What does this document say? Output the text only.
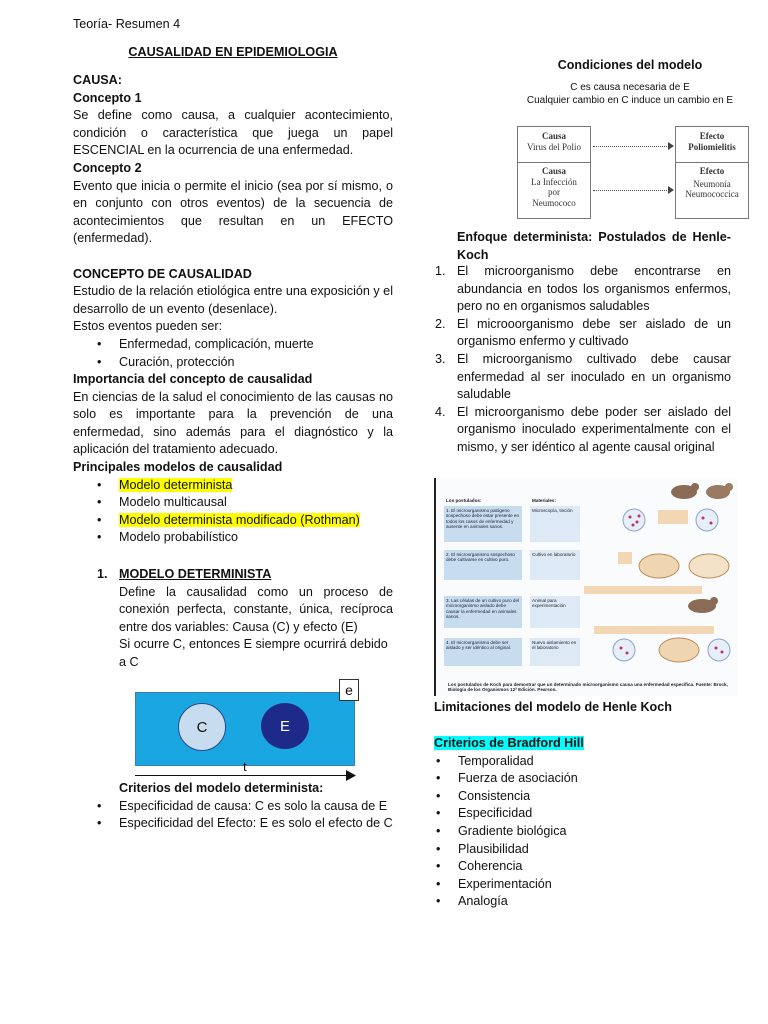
Teoría- Resumen 4
CAUSALIDAD EN EPIDEMIOLOGIA
CAUSA:
Concepto 1

Se define como causa, a cualquier acontecimiento, condición o característica que juega un papel ESCENCIAL en la ocurrencia de una enfermedad.

Concepto 2

Evento que inicia o permite el inicio (sea por sí mismo, o en conjunto con otros eventos) de la secuencia de acontecimientos que resultan en un EFECTO (enfermedad).

CONCEPTO DE CAUSALIDAD

Estudio de la relación etiológica entre una exposición y el desarrollo de un evento (desenlace).

Estos eventos pueden ser:
• Enfermedad, complicación, muerte
• Curación, protección
Importancia del concepto de causalidad

En ciencias de la salud el conocimiento de las causas no solo es importante para la prevención de una enfermedad, sino además para el diagnóstico y la aplicación del tratamiento adecuado.

Principales modelos de causalidad
• Modelo determinista
• Modelo multicausal
• Modelo determinista modificado (Rothman)
• Modelo probabilístico
1. MODELO DETERMINISTA

Define la causalidad como un proceso de conexión perfecta, constante, única, recíproca entre dos variables: Causa (C) y efecto (E)

Si ocurre C, entonces E siempre ocurrirá debido a C

C	E
e
t
Criterios del modelo determinista:
• Especificidad de causa: C es solo la causa de E
• Especificidad del Efecto: E es solo el efecto de C
Condiciones del modelo
C es causa necesaria de E
Cualquier cambio en C induce un cambio en E
Causa
Virus del Polio
Efecto
Poliomielitis
Causa
La Infección por Neumococo
Efecto
Neumonía Neumococcica
Enfoque determinista: Postulados de Henle-Koch
1. El microorganismo debe encontrarse en abundancia en todos los organismos enfermos, pero no en organismos saludables
2. El microoorganismo debe ser aislado de un organismo enfermo y cultivado
3. El microorganismo cultivado debe causar enfermedad al ser inoculado en un organismo saludable
4. El microorganismo debe poder ser aislado del organismo inoculado experimentalmente con el mismo, y ser idéntico al agente causal original
Los postulados:	Materiales:
1. El microorganismo patógeno sospechoso debe estar presente en todos los casos de enfermedad y ausente en animales sanos.
Microscopía, tinción
2. El microorganismo sospechoso debe cultivarse en cultivo puro.
Cultivo en laboratorio
3. Las células de un cultivo puro del microorganismo aislado debe causar la enfermedad en animales sanos.
Animal para experimentación
4. El microorganismo debe ser aislado y ser idéntico al original.
Nuevo aislamiento en el laboratorio
Los postulados de Koch para demostrar que un determinado microorganismo causa una enfermedad específica. Fuente: Brock, Biología de los Organismos 12ª Edición. Pearson.
Limitaciones del modelo de Henle Koch
Criterios de Bradford Hill
• Temporalidad
• Fuerza de asociación
• Consistencia
• Especificidad
• Gradiente biológica
• Plausibilidad
• Coherencia
• Experimentación
• Analogía
